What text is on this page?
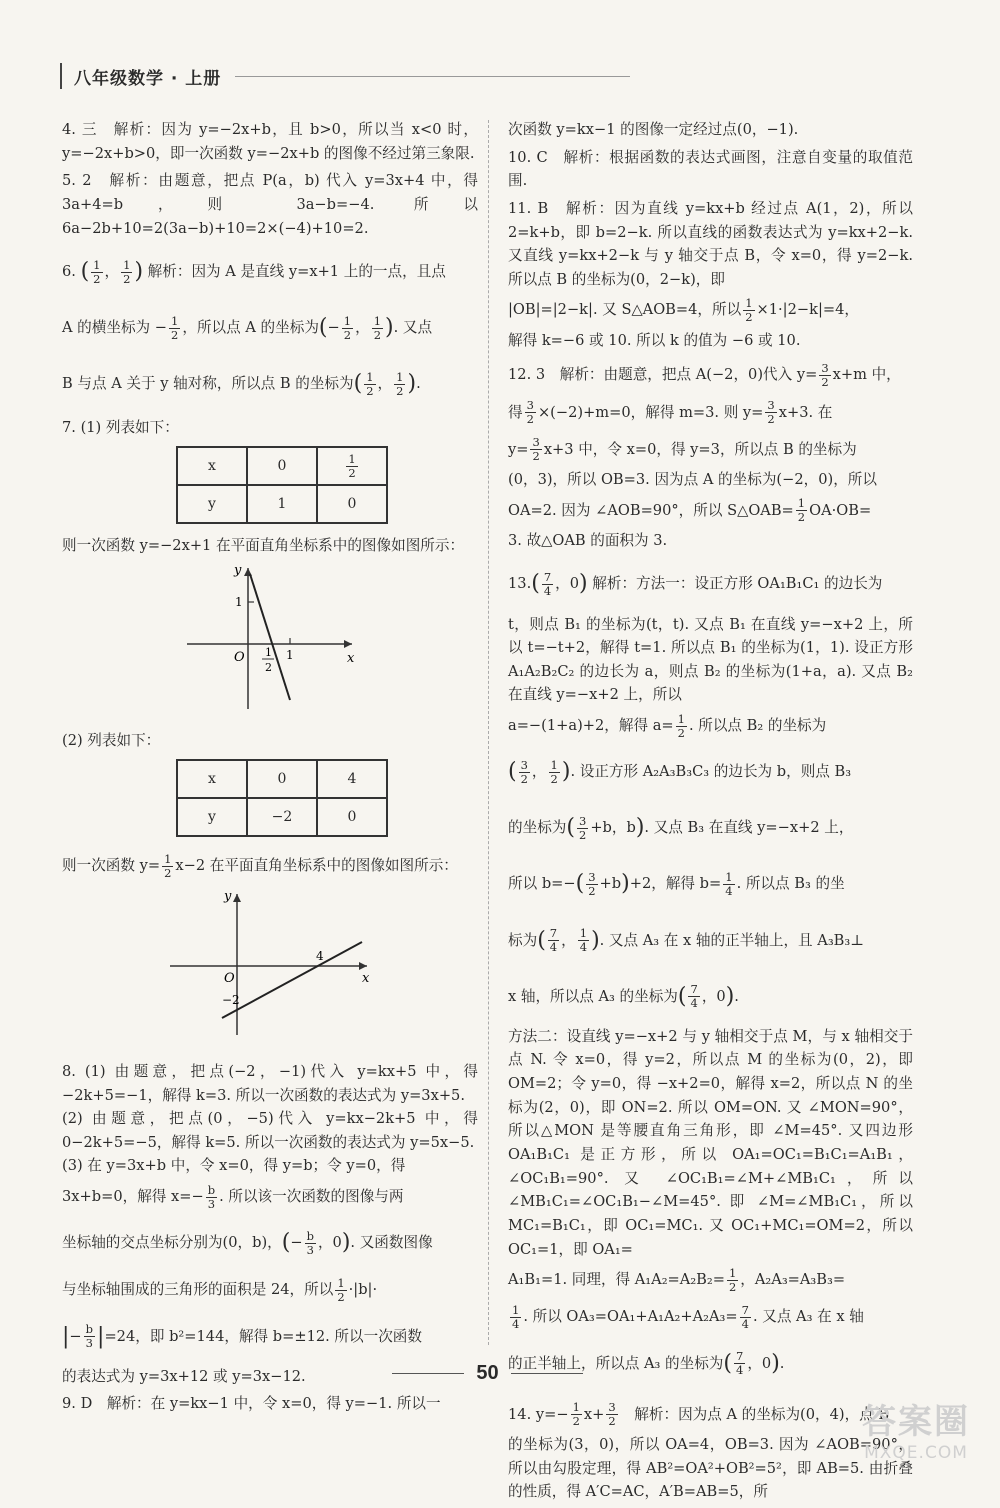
八年级数学 · 上册

4. 三　解析：因为 y=−2x+b，且 b>0，所以当 x<0 时，y=−2x+b>0，即一次函数 y=−2x+b 的图像不经过第三象限.

5. 2　解析：由题意，把点 P(a，b) 代入 y=3x+4 中，得 3a+4=b，则 3a−b=−4. 所以 6a−2b+10=2(3a−b)+10=2×(−4)+10=2.

6. ( $\frac{1}{2}$ ， $\frac{1}{2}$ ) 解析：因为 A 是直线 y=x+1 上的一点，且点
A 的横坐标为 − $\frac{1}{2}$ ，所以点 A 的坐标为(− $\frac{1}{2}$ ， $\frac{1}{2}$ ). 又点
B 与点 A 关于 y 轴对称，所以点 B 的坐标为( $\frac{1}{2}$ ， $\frac{1}{2}$ ).
7. (1) 列表如下：
x	0	$\frac{1}{2}$

y	1	0
则一次函数 y=−2x+1 在平面直角坐标系中的图像如图所示：
y
x
O
1
1
1
2
(2) 列表如下：
x	0	4
y	−2	0
则一次函数 $y= \frac{1}{2} x-2$ 在平面直角坐标系中的图像如图所示：
y
x
O
4
−2
8. (1) 由题意，把点(−2，−1)代入 y=kx+5 中，得 −2k+5=−1，解得 k=3. 所以一次函数的表达式为 y=3x+5.
(2) 由题意，把点(0，−5)代入 y=kx−2k+5 中，得 0−2k+5=−5，解得 k=5. 所以一次函数的表达式为 y=5x−5.
(3) 在 y=3x+b 中，令 x=0，得 y=b；令 y=0，得
3x+b=0，解得 $x=- \frac{b}{3}$ . 所以该一次函数的图像与两
坐标轴的交点坐标分别为(0，b)，(− $\frac{b}{3}$ ，0). 又函数图像
与坐标轴围成的三角形的面积是 24，所以 $\frac{1}{2} \cdot|b|\cdot$
|− $\frac{b}{3} |=24$，即 b²=144，解得 b=±12. 所以一次函数
的表达式为 y=3x+12 或 y=3x−12.

9. D　解析：在 y=kx−1 中，令 x=0，得 y=−1. 所以一

次函数 y=kx−1 的图像一定经过点(0，−1).

10. C　解析：根据函数的表达式画图，注意自变量的取值范围.

11. B　解析：因为直线 y=kx+b 经过点 A(1，2)，所以 2=k+b，即 b=2−k. 所以直线的函数表达式为 y=kx+2−k. 又直线 y=kx+2−k 与 y 轴交于点 B，令 x=0，得 y=2−k. 所以点 B 的坐标为(0，2−k)，即
|OB|=|2−k|. 又 S△AOB=4，所以 $\frac{1}{2} \times 1\cdot|2-k|=4$，
解得 k=−6 或 10. 所以 k 的值为 −6 或 10.
12. 3　解析：由题意，把点 A(−2，0)代入 $y= \frac{3}{2} x+m$ 中，
得 $\frac{3}{2} \times(-2)+m=0$，解得 m=3. 则 $y= \frac{3}{2} x+3$. 在
$y= \frac{3}{2} x+3$ 中，令 x=0，得 y=3，所以点 B 的坐标为
(0，3)，所以 OB=3. 因为点 A 的坐标为(−2，0)，所以
OA=2. 因为 ∠AOB=90°，所以 S△OAB= $\frac{1}{2} OA\cdot OB=$
3. 故△OAB 的面积为 3.
$13.( \frac{7}{4}$ ，0) 解析：方法一：设正方形 OA₁B₁C₁ 的边长为
t，则点 B₁ 的坐标为(t，t). 又点 B₁ 在直线 y=−x+2 上，所以 t=−t+2，解得 t=1. 所以点 B₁ 的坐标为(1，1). 设正方形 A₁A₂B₂C₂ 的边长为 a，则点 B₂ 的坐标为(1+a，a). 又点 B₂ 在直线 y=−x+2 上，所以
a=−(1+a)+2，解得 $a= \frac{1}{2}$ . 所以点 B₂ 的坐标为
( $\frac{3}{2}$ ， $\frac{1}{2}$ ). 设正方形 A₂A₃B₃C₃ 的边长为 b，则点 B₃
的坐标为( $\frac{3}{2} +b$，b). 又点 B₃ 在直线 y=−x+2 上，
所以 $b=-( \frac{3}{2} +b)+2$，解得 $b= \frac{1}{4}$ . 所以点 B₃ 的坐
标为( $\frac{7}{4}$ ， $\frac{1}{4}$ ). 又点 A₃ 在 x 轴的正半轴上，且 A₃B₃⊥
x 轴，所以点 A₃ 的坐标为( $\frac{7}{4}$ ，0).
方法二：设直线 y=−x+2 与 y 轴相交于点 M，与 x 轴相交于点 N. 令 x=0，得 y=2，所以点 M 的坐标为(0，2)，即 OM=2；令 y=0，得 −x+2=0，解得 x=2，所以点 N 的坐标为(2，0)，即 ON=2. 所以 OM=ON. 又 ∠MON=90°，所以△MON 是等腰直角三角形，即 ∠M=45°. 又四边形 OA₁B₁C₁ 是正方形，所以 OA₁=OC₁=B₁C₁=A₁B₁，∠OC₁B₁=90°. 又 ∠OC₁B₁=∠M+∠MB₁C₁，所以 ∠MB₁C₁=∠OC₁B₁−∠M=45°. 即 ∠M=∠MB₁C₁，所以 MC₁=B₁C₁，即 OC₁=MC₁. 又 OC₁+MC₁=OM=2，所以 OC₁=1，即 OA₁=
A₁B₁=1. 同理，得 $A_1A_2=A_2B_2= \frac{1}{2}$ ，A₂A₃=A₃B₃=
$\frac{1}{4}$ . 所以 $OA_3=OA_1+A_1A_2+A_2A_3= \frac{7}{4}$ . 又点 A₃ 在 x 轴
的正半轴上，所以点 A₃ 的坐标为( $\frac{7}{4}$ ，0).
14. $y=- \frac{1}{2} x+ \frac{3}{2}$ 　解析：因为点 A 的坐标为(0，4)，点 B
的坐标为(3，0)，所以 OA=4，OB=3. 因为 ∠AOB=90°，所以由勾股定理，得 AB²=OA²+OB²=5²，即 AB=5. 由折叠的性质，得 A′C=AC，A′B=AB=5，所
50
答案圈
MXQE.COM
